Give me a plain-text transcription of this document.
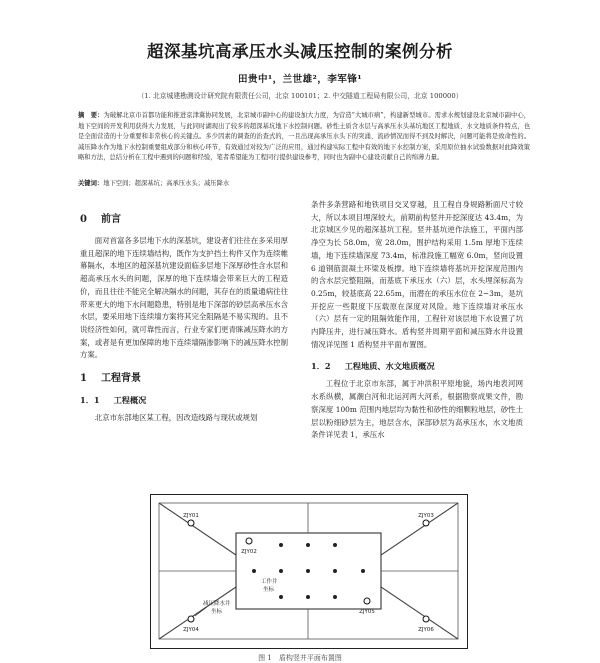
超深基坑高承压水头减压控制的案例分析
田贵中¹，兰世雄²，李军锋¹
（1. 北京城建勘测设计研究院有限责任公司，北京 100101；2. 中交隧道工程局有限公司，北京 100000）
摘　要：为破解北京市首都功能和推进京津冀协同发展，北京城市副中心的建设加大力度，为营造“大城市病”，构建新型城市。需求水规划建设北京城市副中心，地下空间的开发利用获得大力发展，与此同时湖现出了较多的超深基坑地下水控制问题。砂性土质含水层与高承压水头基坑地区工程地质、水文地质条件特点，也是全面营造的十分重要和非常核心的关键点。多少因素的调查的治查式的，一且出现高承压水头下的突涌、流砂情况而得不到及时解决，问题可能将是致命性的。减压降水作为地下水控制重要组成部分和核心环节，有效通过对较为广泛的应用，通过构建实际工程中有效的地下水控制方案，采用原位抽水试验数据对此降效策略和方法，总结分析在工程中遇到的问题和经验，笔者希望能为工程同行提供建设参考，同时也为副中心建设贡献自己的绵薄力量。
关键词：地下空间；超深基坑；高承压水头；减压降水
0 前言

面对首富各多层地下水的深基坑，建设者们往往在多采用厚重且超深的地下连续墙结构，既作为支护挡土构件又作为连续帷幕隔水，本地区的超深基坑建设面临多层地下深厚砂性含水层和超高承压水头的问题，深厚的地下连续墙会带来巨大的工程造价，而且往往不能完全解决隔水的问题，其存在的质量通病往往带来更大的地下水问题隐患，特别是地下深部的砂层高承压水含水层，要采用地下连续墙方案将其完全阻隔是不易实现的。且不说经济性如何，就可靠性而言，行业专家们更青睐减压降水的方案，或者是有更加保障的地下连续墙隔渗影响下的减压降水控制方案。

1 工程背景
1．1 工程概况

北京市东部地区某工程，因改造线路与现状或规划

条件多条营路和地铁项目交叉穿越，且工程自身规路断面尺寸较大，所以本项目埋深较大，前期前构竖井开挖深度达 43.4m，为北京城区少见的超深基坑工程。竖井基坑逆作法施工，平面内部净空为长 58.0m，宽 28.0m，围护结构采用 1.5m 厚地下连续墙，地下连续墙深度 73.4m，标准段施工幅宽 6.0m，竖向设置 6 道钢筋混凝土环梁及板撑。地下连续墙将基坑开挖深度范围内的含水层完整阻隔，而基底下承压水（六）层，水头埋深标高为 0.25m，较基底高 22.65m，而潜在的承压水位在 2~3m，是坑开挖应一些限度下压载原在深度对风险。地下连续墙对承压水（六）层有一定的阻隔效能作用，工程针对该层地下水设置了坑内降压井，进行减压降水。盾构竖井周期平面和减压降水井设置情况详见图 1 盾构竖井平面布置图。

1．2 工程地质、水文地质概况

工程位于北京市东部，属于冲洪积平原地貌，场内地表河网水系纵横，属潮白河和北运河两大河系，根据勘察成果文件，勘察深度 100m 范围内地层均为黏性和砂性的细颗粒地层，砂性土层以粉细砂层为主，地层含水，深部砂层为高承压水，水文地质条件详见表 1，承压水

ZJY01
ZJY02
ZJY03
ZJY04
ZJY05
ZJY06
工作井
坐标
减压降水井
坐标
图 1　盾构竖井平面布置图
